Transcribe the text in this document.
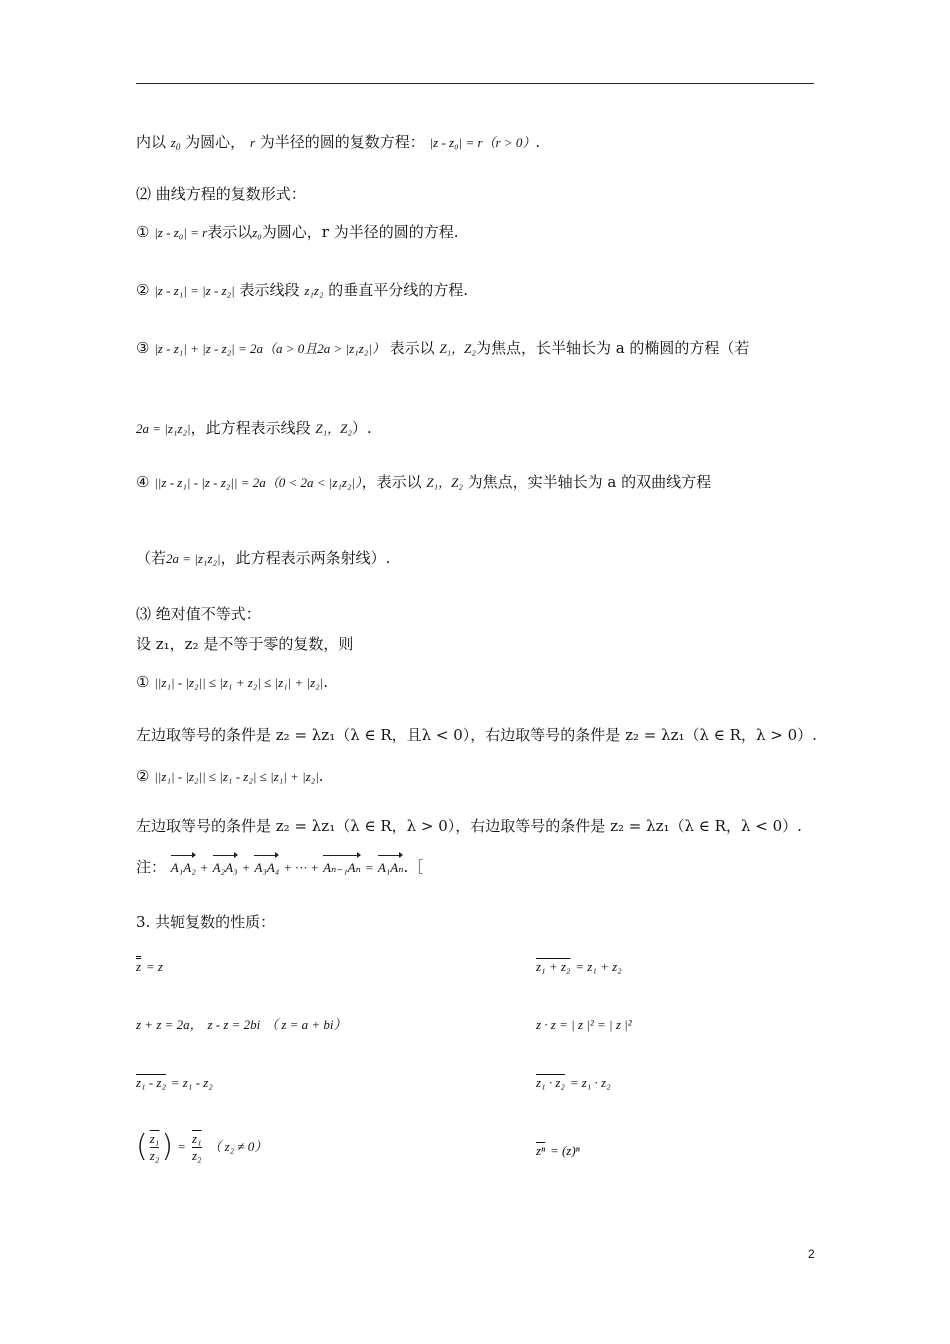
内以 $z_0$ 为圆心， r 为半径的圆的复数方程： |z - z₀| = r（r > 0）.
⑵ 曲线方程的复数形式：
① |z - z₀| = r表示以z₀为圆心，r 为半径的圆的方程.
② |z - z₁| = |z - z₂| 表示线段 z₁z₂ 的垂直平分线的方程.
③ |z - z₁| + |z - z₂| = 2a（a > 0且2a > |z₁z₂|） 表示以 Z₁，Z₂为焦点，长半轴长为 a 的椭圆的方程（若
2a = |z₁z₂|，此方程表示线段 Z₁，Z₂）.
④ ||z - z₁| - |z - z₂|| = 2a（0 < 2a < |z₁z₂|），表示以 Z₁，Z₂ 为焦点，实半轴长为 a 的双曲线方程
（若2a = |z₁z₂|，此方程表示两条射线）.
⑶ 绝对值不等式：
设 z₁，z₂ 是不等于零的复数，则
① ||z₁| - |z₂|| ≤ |z₁ + z₂| ≤ |z₁| + |z₂|.
左边取等号的条件是 z₂ = λz₁（λ ∈ R，且λ < 0），右边取等号的条件是 z₂ = λz₁（λ ∈ R，λ > 0）.
② ||z₁| - |z₂|| ≤ |z₁ - z₂| ≤ |z₁| + |z₂|.
左边取等号的条件是 z₂ = λz₁（λ ∈ R，λ > 0），右边取等号的条件是 z₂ = λz₁（λ ∈ R，λ < 0）.
注： A₁A₂ + A₂A₃ + A₃A₄ + ··· + Aₙ₋₁Aₙ = A₁Aₙ.［
3. 共轭复数的性质：
z = z	z₁ + z₂ = z₁ + z₂
z + z = 2a， z - z = 2bi （ z = a + bi）	z · z = | z |² = | z |²
z₁ - z₂ = z₁ - z₂	z₁ · z₂ = z₁ · z₂
( $\frac{\text{z₁}}{\text{z₂}}$ ) = $\frac{\text{z₁}}{\text{z₂}}$ （ z₂ ≠ 0）	$\overline{z^n} = (z)^n$
2
